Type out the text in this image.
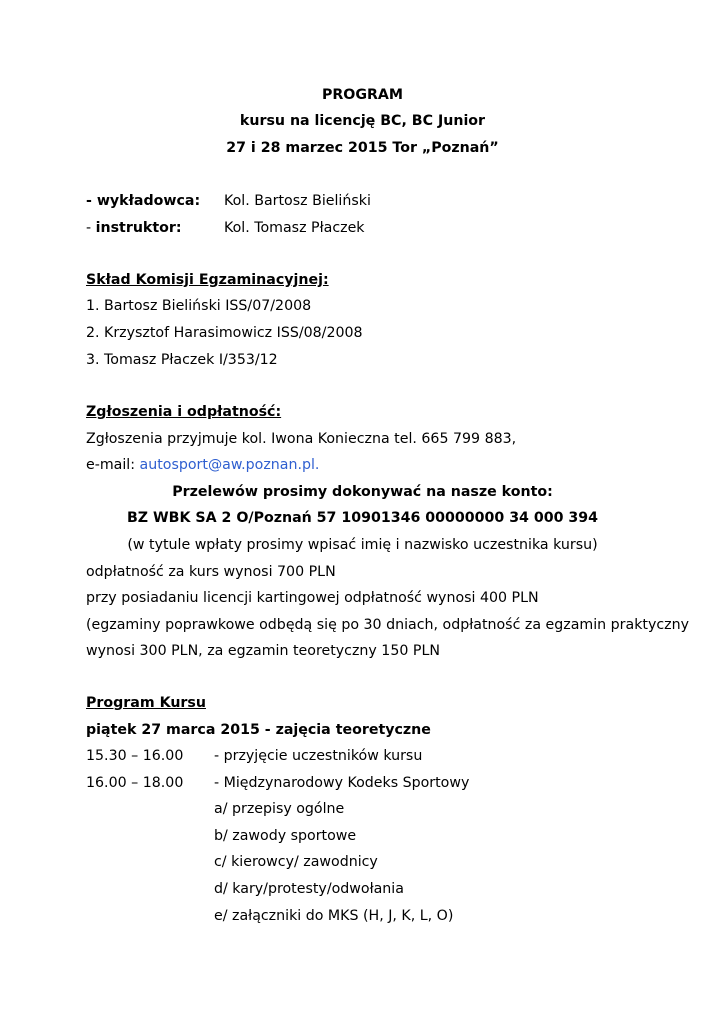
PROGRAM
kursu na licencję BC, BC Junior
27 i 28 marzec 2015 Tor „Poznań”
- wykładowca: Kol. Bartosz Bieliński
- instruktor:	Kol. Tomasz Płaczek
Skład Komisji Egzaminacyjnej:
1. Bartosz Bieliński ISS/07/2008
2. Krzysztof Harasimowicz ISS/08/2008
3. Tomasz Płaczek I/353/12
Zgłoszenia i odpłatność:
Zgłoszenia przyjmuje kol. Iwona Konieczna tel. 665 799 883,
e-mail: autosport@aw.poznan.pl.
Przelewów prosimy dokonywać na nasze konto:
BZ WBK SA 2 O/Poznań 57 10901346 00000000 34 000 394
(w tytule wpłaty prosimy wpisać imię i nazwisko uczestnika kursu)
odpłatność za kurs wynosi 700 PLN
przy posiadaniu licencji kartingowej odpłatność wynosi 400 PLN
(egzaminy poprawkowe odbędą się po 30 dniach, odpłatność za egzamin praktyczny
wynosi 300 PLN, za egzamin teoretyczny 150 PLN
Program Kursu
piątek 27 marca 2015 - zajęcia teoretyczne
15.30 – 16.00 - przyjęcie uczestników kursu
16.00 – 18.00 - Międzynarodowy Kodeks Sportowy
a/ przepisy ogólne
b/ zawody sportowe
c/ kierowcy/ zawodnicy
d/ kary/protesty/odwołania
e/ załączniki do MKS (H, J, K, L, O)
